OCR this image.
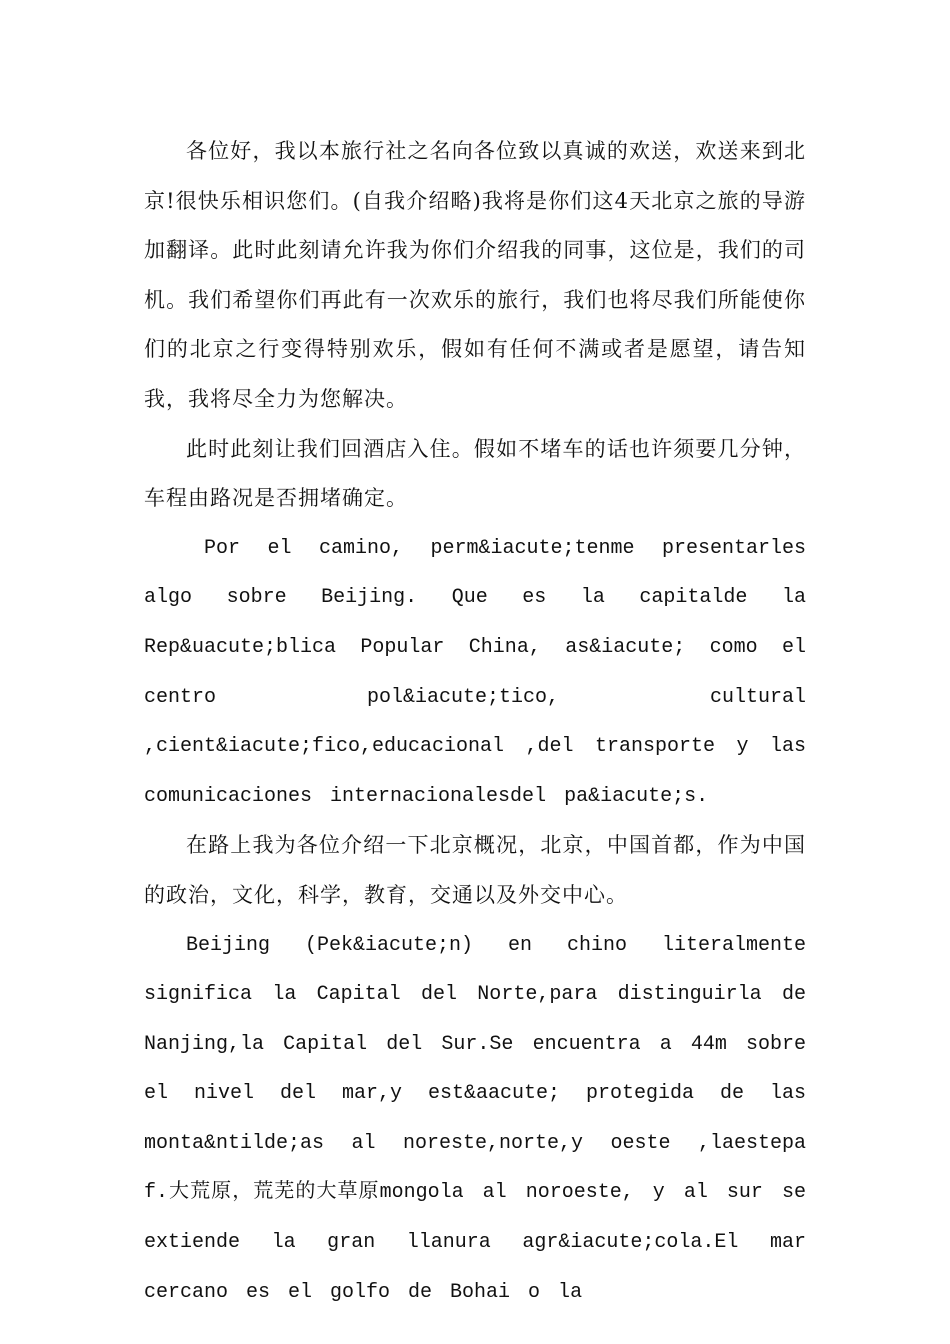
各位好，我以本旅行社之名向各位致以真诚的欢送，欢送来到北京!很快乐相识您们。(自我介绍略)我将是你们这4天北京之旅的导游加翻译。此时此刻请允许我为你们介绍我的同事，这位是，我们的司机。我们希望你们再此有一次欢乐的旅行，我们也将尽我们所能使你们的北京之行变得特别欢乐，假如有任何不满或者是愿望，请告知我，我将尽全力为您解决。

此时此刻让我们回酒店入住。假如不堵车的话也许须要几分钟，车程由路况是否拥堵确定。

Por el camino, perm&iacute;tenme presentarles algo sobre Beijing. Que es la capitalde la Rep&uacute;blica Popular China, as&iacute; como el centro pol&iacute;tico, cultural ,cient&iacute;fico,educacional ,del transporte y las comunicaciones internacionalesdel pa&iacute;s.

在路上我为各位介绍一下北京概况，北京，中国首都，作为中国的政治，文化，科学，教育，交通以及外交中心。

Beijing (Pek&iacute;n) en chino literalmente significa la Capital del Norte,para distinguirla de Nanjing,la Capital del Sur.Se encuentra a 44m sobre el nivel del mar,y est&aacute; protegida de las monta&ntilde;as al noreste,norte,y oeste ,laestepa f.大荒原，荒芜的大草原mongola al noroeste, y al sur se extiende la gran llanura agr&iacute;cola.El mar cercano es el golfo de Bohai o la
